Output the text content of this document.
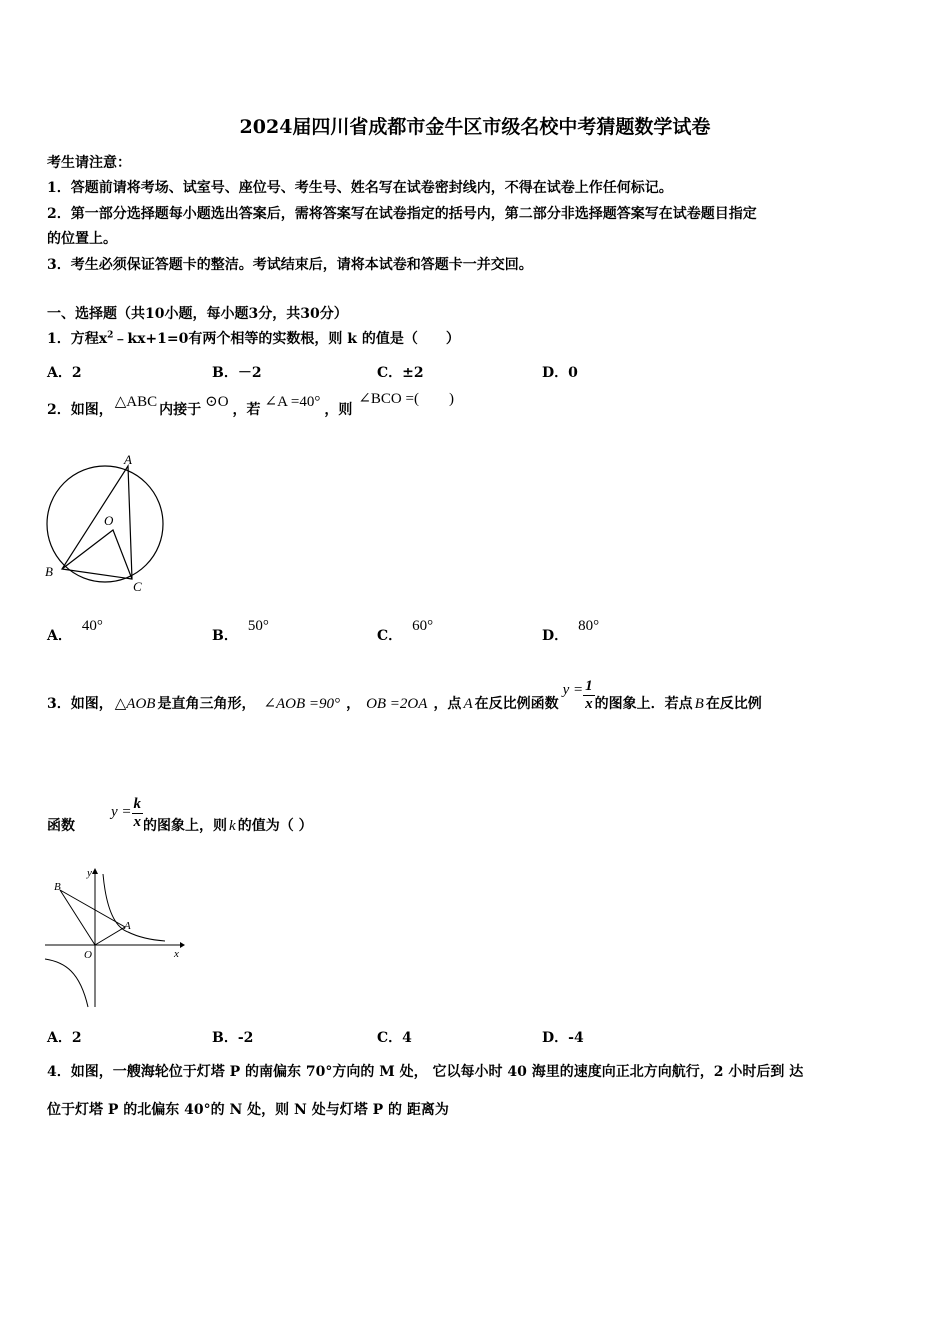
2024届四川省成都市金牛区市级名校中考猜题数学试卷
考生请注意：
1．答题前请将考场、试室号、座位号、考生号、姓名写在试卷密封线内，不得在试卷上作任何标记。
2．第一部分选择题每小题选出答案后，需将答案写在试卷指定的括号内，第二部分非选择题答案写在试卷题目指定
的位置上。
3．考生必须保证答题卡的整洁。考试结束后，请将本试卷和答题卡一并交回。
一、选择题（共10小题，每小题3分，共30分）
1．方程$x^2﹣kx+1=0$有两个相等的实数根，则 k 的值是（　　）
A．2	B．－2	C．±2	D．0
2．如图， △ABC 内接于 ⊙O ，若 ∠A =40° ，则∠BCO =(　　)
A
O
B
C
A．40°
B．50°
C．60°
D．80°
3．如图， △AOB 是直角三角形， ∠AOB =90° ， OB =2OA ，点 A 在反比例函数$y = \frac{1}{x}$ 的图象上．若点 B 在反比例
函数$y = \frac{k}{x}$ 的图象上，则 k 的值为（ ）
B
A
O	x
y
A．2	B．-2	C．4	D．-4
4．如图，一艘海轮位于灯塔 P 的南偏东 70°方向的 M 处， 它以每小时 40 海里的速度向正北方向航行，2 小时后到 达
位于灯塔 P 的北偏东 40°的 N 处，则 N 处与灯塔 P 的 距离为
